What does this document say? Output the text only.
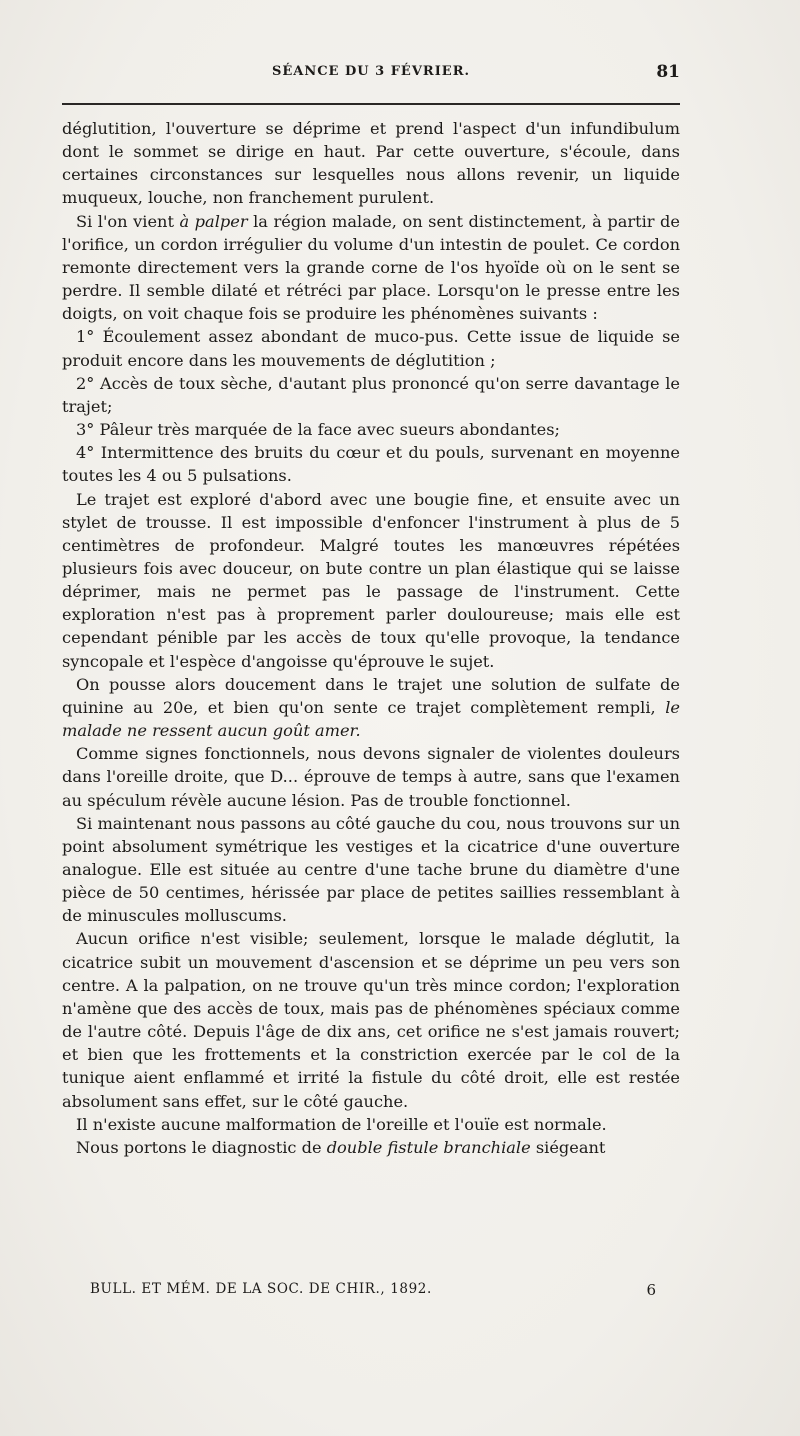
SÉANCE DU 3 FÉVRIER.	81

déglutition, l'ouverture se déprime et prend l'aspect d'un infundibulum dont le sommet se dirige en haut. Par cette ouverture, s'écoule, dans certaines circonstances sur lesquelles nous allons revenir, un liquide muqueux, louche, non franchement purulent.

Si l'on vient à palper la région malade, on sent distinctement, à partir de l'orifice, un cordon irrégulier du volume d'un intestin de poulet. Ce cordon remonte directement vers la grande corne de l'os hyoïde où on le sent se perdre. Il semble dilaté et rétréci par place. Lorsqu'on le presse entre les doigts, on voit chaque fois se produire les phénomènes suivants :

1° Écoulement assez abondant de muco-pus. Cette issue de liquide se produit encore dans les mouvements de déglutition ;

2° Accès de toux sèche, d'autant plus prononcé qu'on serre davantage le trajet;

3° Pâleur très marquée de la face avec sueurs abondantes;

4° Intermittence des bruits du cœur et du pouls, survenant en moyenne toutes les 4 ou 5 pulsations.

Le trajet est exploré d'abord avec une bougie fine, et ensuite avec un stylet de trousse. Il est impossible d'enfoncer l'instrument à plus de 5 centimètres de profondeur. Malgré toutes les manœuvres répétées plusieurs fois avec douceur, on bute contre un plan élastique qui se laisse déprimer, mais ne permet pas le passage de l'instrument. Cette exploration n'est pas à proprement parler douloureuse; mais elle est cependant pénible par les accès de toux qu'elle provoque, la tendance syncopale et l'espèce d'angoisse qu'éprouve le sujet.

On pousse alors doucement dans le trajet une solution de sulfate de quinine au 20e, et bien qu'on sente ce trajet complètement rempli, le malade ne ressent aucun goût amer.

Comme signes fonctionnels, nous devons signaler de violentes douleurs dans l'oreille droite, que D... éprouve de temps à autre, sans que l'examen au spéculum révèle aucune lésion. Pas de trouble fonctionnel.

Si maintenant nous passons au côté gauche du cou, nous trouvons sur un point absolument symétrique les vestiges et la cicatrice d'une ouverture analogue. Elle est située au centre d'une tache brune du diamètre d'une pièce de 50 centimes, hérissée par place de petites saillies ressemblant à de minuscules molluscums.

Aucun orifice n'est visible; seulement, lorsque le malade déglutit, la cicatrice subit un mouvement d'ascension et se déprime un peu vers son centre. A la palpation, on ne trouve qu'un très mince cordon; l'exploration n'amène que des accès de toux, mais pas de phénomènes spéciaux comme de l'autre côté. Depuis l'âge de dix ans, cet orifice ne s'est jamais rouvert; et bien que les frottements et la constriction exercée par le col de la tunique aient enflammé et irrité la fistule du côté droit, elle est restée absolument sans effet, sur le côté gauche.

Il n'existe aucune malformation de l'oreille et l'ouïe est normale.

Nous portons le diagnostic de double fistule branchiale siégeant

BULL. ET MÉM. DE LA SOC. DE CHIR., 1892.	6
